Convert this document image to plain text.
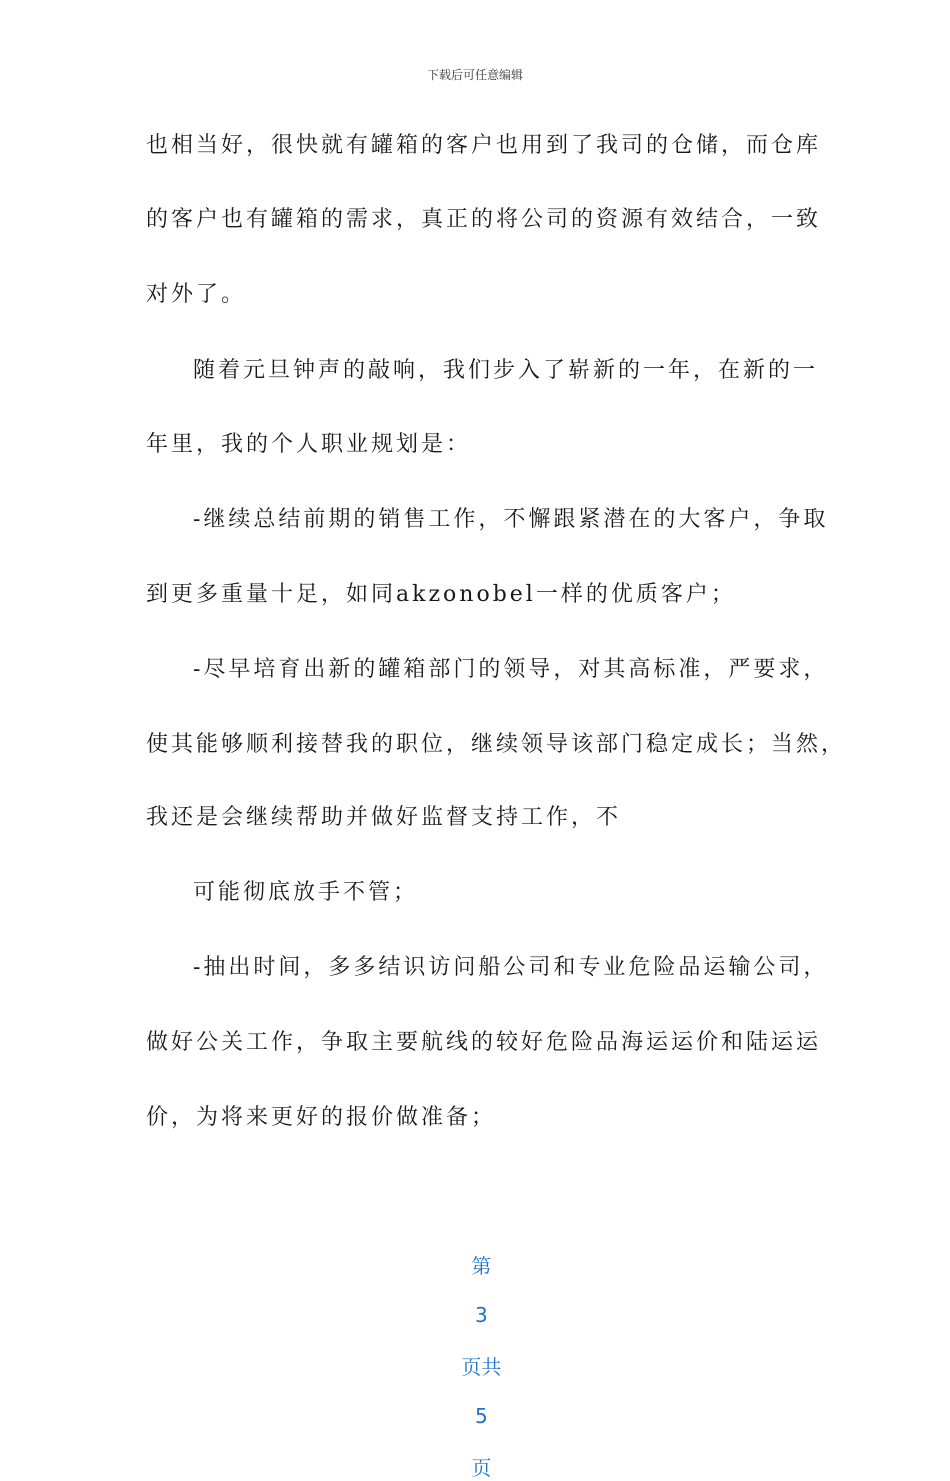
下载后可任意编辑
也相当好，很快就有罐箱的客户也用到了我司的仓储，而仓库
的客户也有罐箱的需求，真正的将公司的资源有效结合，一致
对外了。
随着元旦钟声的敲响，我们步入了崭新的一年，在新的一
年里，我的个人职业规划是：
-继续总结前期的销售工作，不懈跟紧潜在的大客户，争取
到更多重量十足，如同akzonobel一样的优质客户；
-尽早培育出新的罐箱部门的领导，对其高标准，严要求，
使其能够顺利接替我的职位，继续领导该部门稳定成长；当然，
我还是会继续帮助并做好监督支持工作，不
可能彻底放手不管；
-抽出时间，多多结识访问船公司和专业危险品运输公司，
做好公关工作，争取主要航线的较好危险品海运运价和陆运运
价，为将来更好的报价做准备；

第

3

页共

5

页
